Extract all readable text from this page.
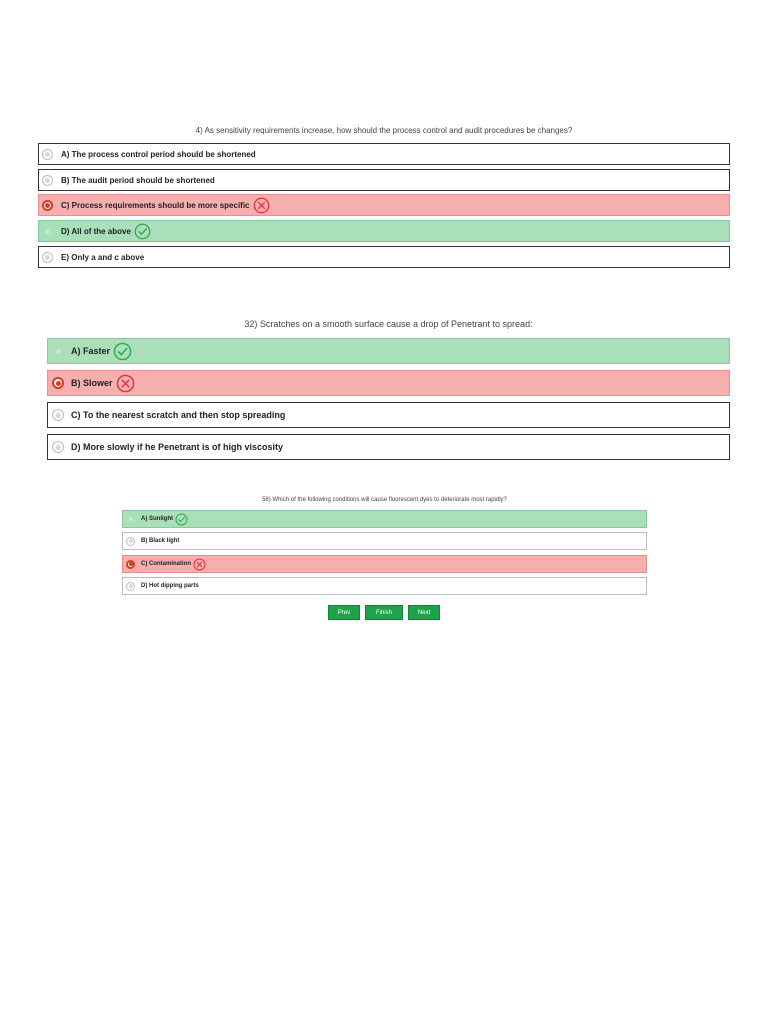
4) As sensitivity requirements increase, how should the process control and audit procedures be changes?
A) The process control period should be shortened
B) The audit period should be shortened
C) Process requirements should be more specific
D) All of the above
E) Only a and c above
32) Scratches on a smooth surface cause a drop of Penetrant to spread:
A) Faster
B) Slower
C) To the nearest scratch and then stop spreading
D) More slowly if he Penetrant is of high viscosity
58) Which of the following conditions will cause fluorescent dyes to deteriorate most rapidly?
A) Sunlight
B) Black light
C) Contamination
D) Hot dipping parts
Prev	Finish	Next
